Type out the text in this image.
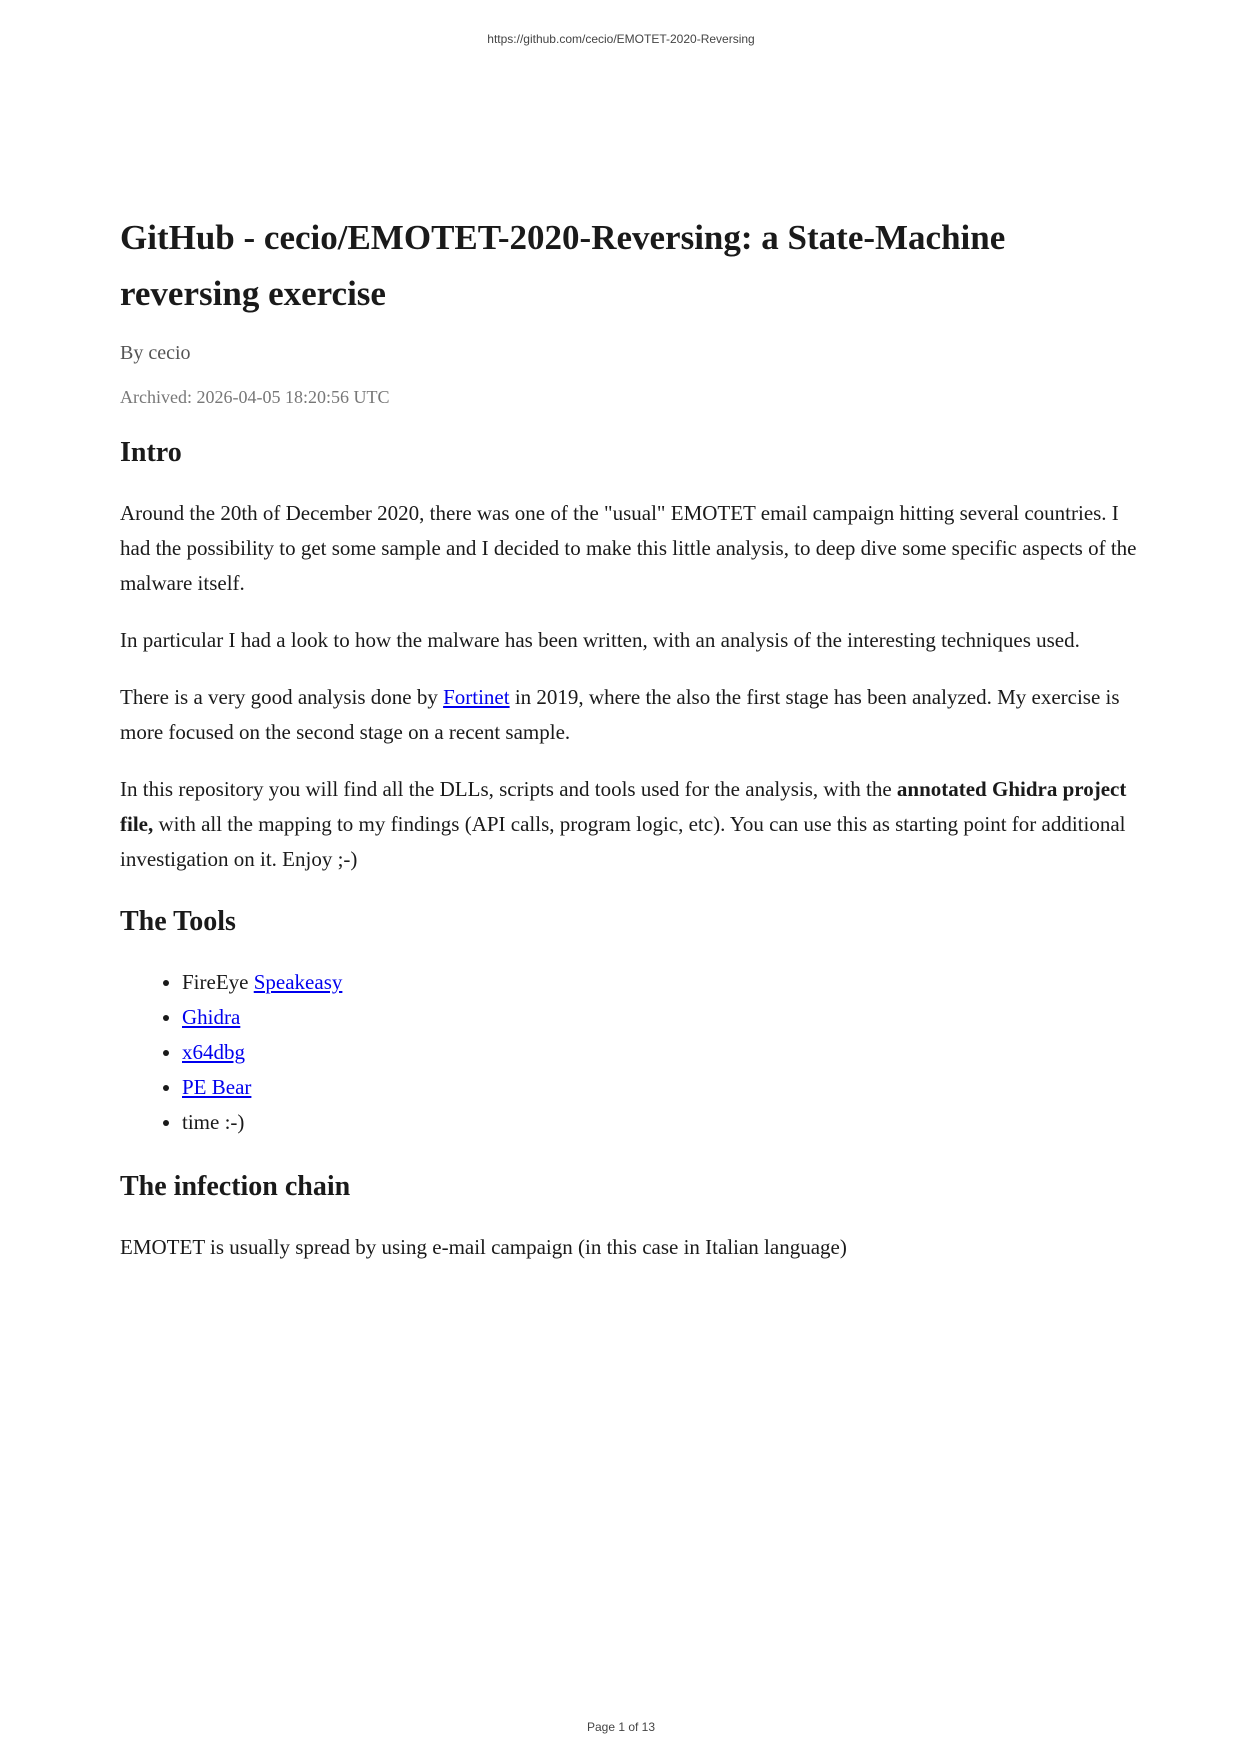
https://github.com/cecio/EMOTET-2020-Reversing
GitHub - cecio/EMOTET-2020-Reversing: a State-Machine reversing exercise
By cecio
Archived: 2026-04-05 18:20:56 UTC
Intro

Around the 20th of December 2020, there was one of the "usual" EMOTET email campaign hitting several countries. I had the possibility to get some sample and I decided to make this little analysis, to deep dive some specific aspects of the malware itself.

In particular I had a look to how the malware has been written, with an analysis of the interesting techniques used.

There is a very good analysis done by Fortinet in 2019, where the also the first stage has been analyzed. My exercise is more focused on the second stage on a recent sample.

In this repository you will find all the DLLs, scripts and tools used for the analysis, with the annotated Ghidra project file, with all the mapping to my findings (API calls, program logic, etc). You can use this as starting point for additional investigation on it. Enjoy ;-)

The Tools
• FireEye Speakeasy
• Ghidra
• x64dbg
• PE Bear
• time :-)
The infection chain

EMOTET is usually spread by using e-mail campaign (in this case in Italian language)

Page 1 of 13
